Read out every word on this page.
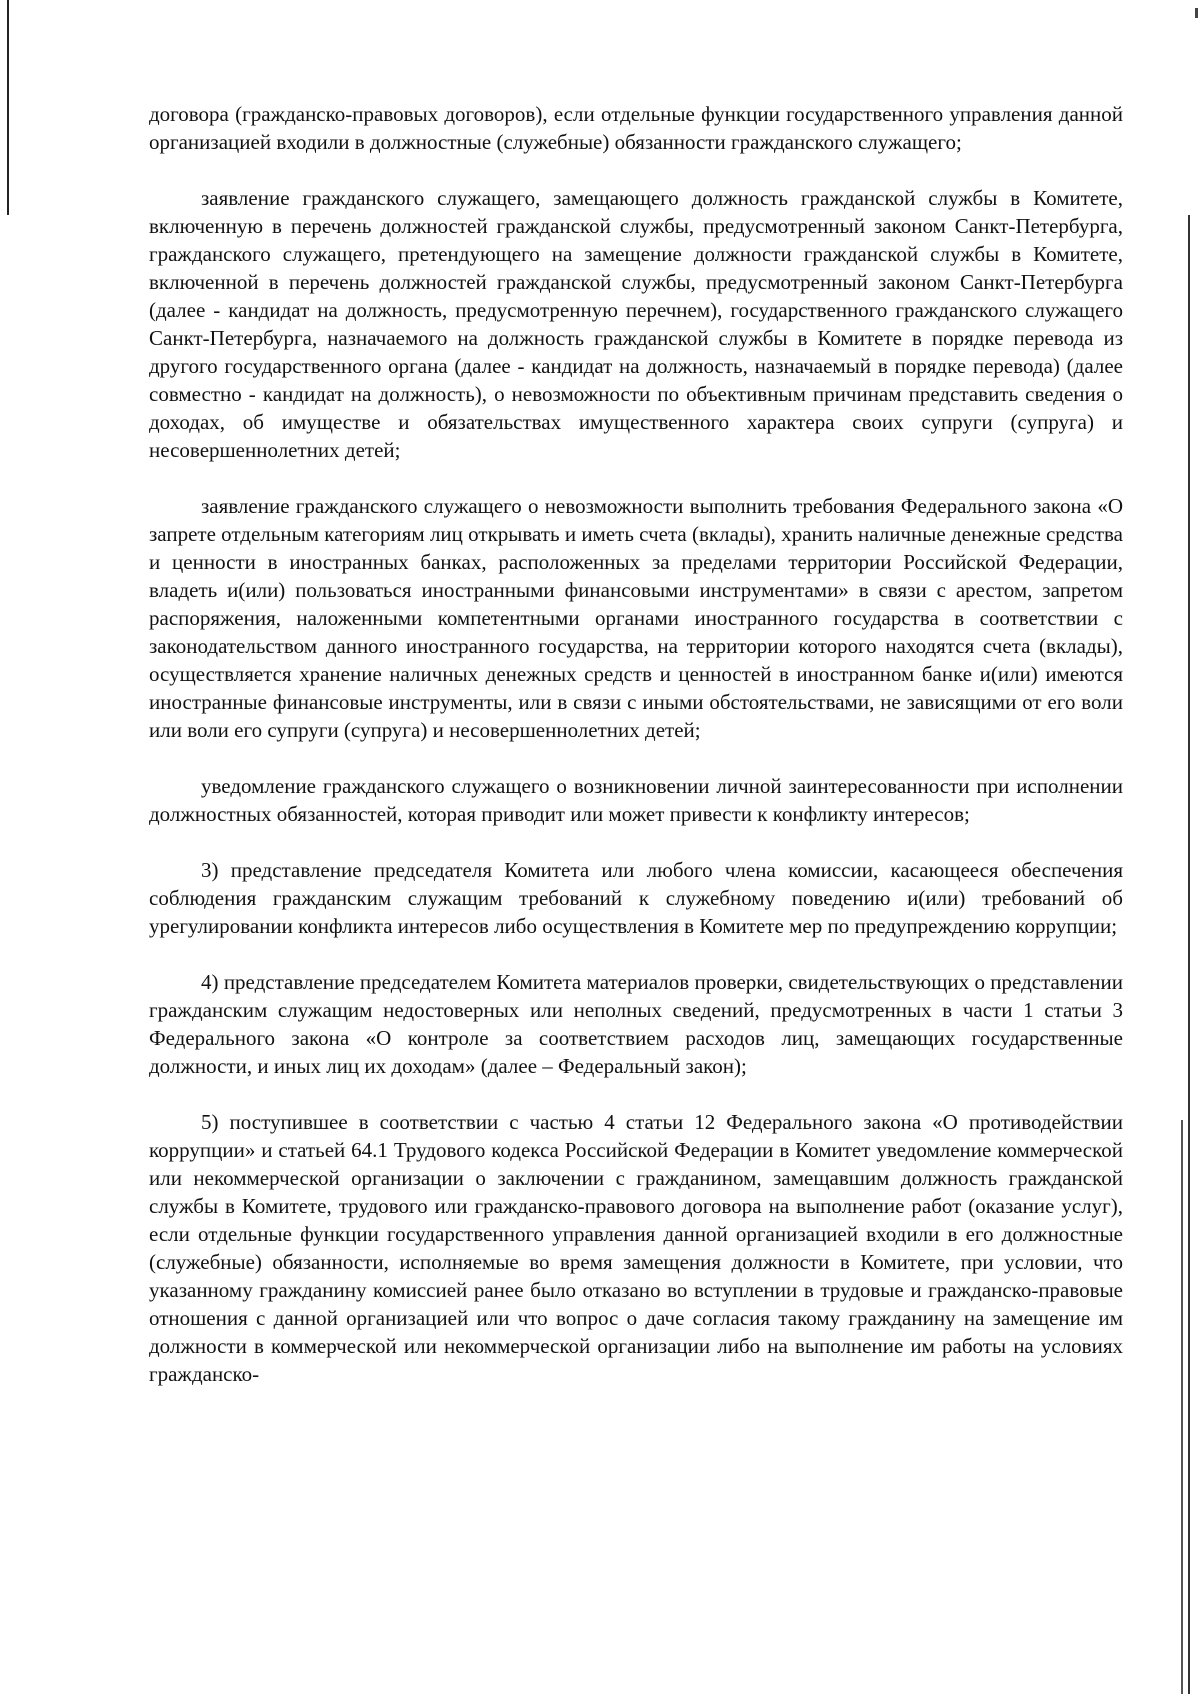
договора (гражданско-правовых договоров), если отдельные функции государственного управления данной организацией входили в должностные (служебные) обязанности гражданского служащего;

заявление гражданского служащего, замещающего должность гражданской службы в Комитете, включенную в перечень должностей гражданской службы, предусмотренный законом Санкт-Петербурга, гражданского служащего, претендующего на замещение должности гражданской службы в Комитете, включенной в перечень должностей гражданской службы, предусмотренный законом Санкт-Петербурга (далее - кандидат на должность, предусмотренную перечнем), государственного гражданского служащего Санкт-Петербурга, назначаемого на должность гражданской службы в Комитете в порядке перевода из другого государственного органа (далее - кандидат на должность, назначаемый в порядке перевода) (далее совместно - кандидат на должность), о невозможности по объективным причинам представить сведения о доходах, об имуществе и обязательствах имущественного характера своих супруги (супруга) и несовершеннолетних детей;

заявление гражданского служащего о невозможности выполнить требования Федерального закона «О запрете отдельным категориям лиц открывать и иметь счета (вклады), хранить наличные денежные средства и ценности в иностранных банках, расположенных за пределами территории Российской Федерации, владеть и(или) пользоваться иностранными финансовыми инструментами» в связи с арестом, запретом распоряжения, наложенными компетентными органами иностранного государства в соответствии с законодательством данного иностранного государства, на территории которого находятся счета (вклады), осуществляется хранение наличных денежных средств и ценностей в иностранном банке и(или) имеются иностранные финансовые инструменты, или в связи с иными обстоятельствами, не зависящими от его воли или воли его супруги (супруга) и несовершеннолетних детей;

уведомление гражданского служащего о возникновении личной заинтересованности при исполнении должностных обязанностей, которая приводит или может привести к конфликту интересов;

3) представление председателя Комитета или любого члена комиссии, касающееся обеспечения соблюдения гражданским служащим требований к служебному поведению и(или) требований об урегулировании конфликта интересов либо осуществления в Комитете мер по предупреждению коррупции;

4) представление председателем Комитета материалов проверки, свидетельствующих о представлении гражданским служащим недостоверных или неполных сведений, предусмотренных в части 1 статьи 3 Федерального закона «О контроле за соответствием расходов лиц, замещающих государственные должности, и иных лиц их доходам» (далее – Федеральный закон);

5) поступившее в соответствии с частью 4 статьи 12 Федерального закона «О противодействии коррупции» и статьей 64.1 Трудового кодекса Российской Федерации в Комитет уведомление коммерческой или некоммерческой организации о заключении с гражданином, замещавшим должность гражданской службы в Комитете, трудового или гражданско-правового договора на выполнение работ (оказание услуг), если отдельные функции государственного управления данной организацией входили в его должностные (служебные) обязанности, исполняемые во время замещения должности в Комитете, при условии, что указанному гражданину комиссией ранее было отказано во вступлении в трудовые и гражданско-правовые отношения с данной организацией или что вопрос о даче согласия такому гражданину на замещение им должности в коммерческой или некоммерческой организации либо на выполнение им работы на условиях гражданско-
